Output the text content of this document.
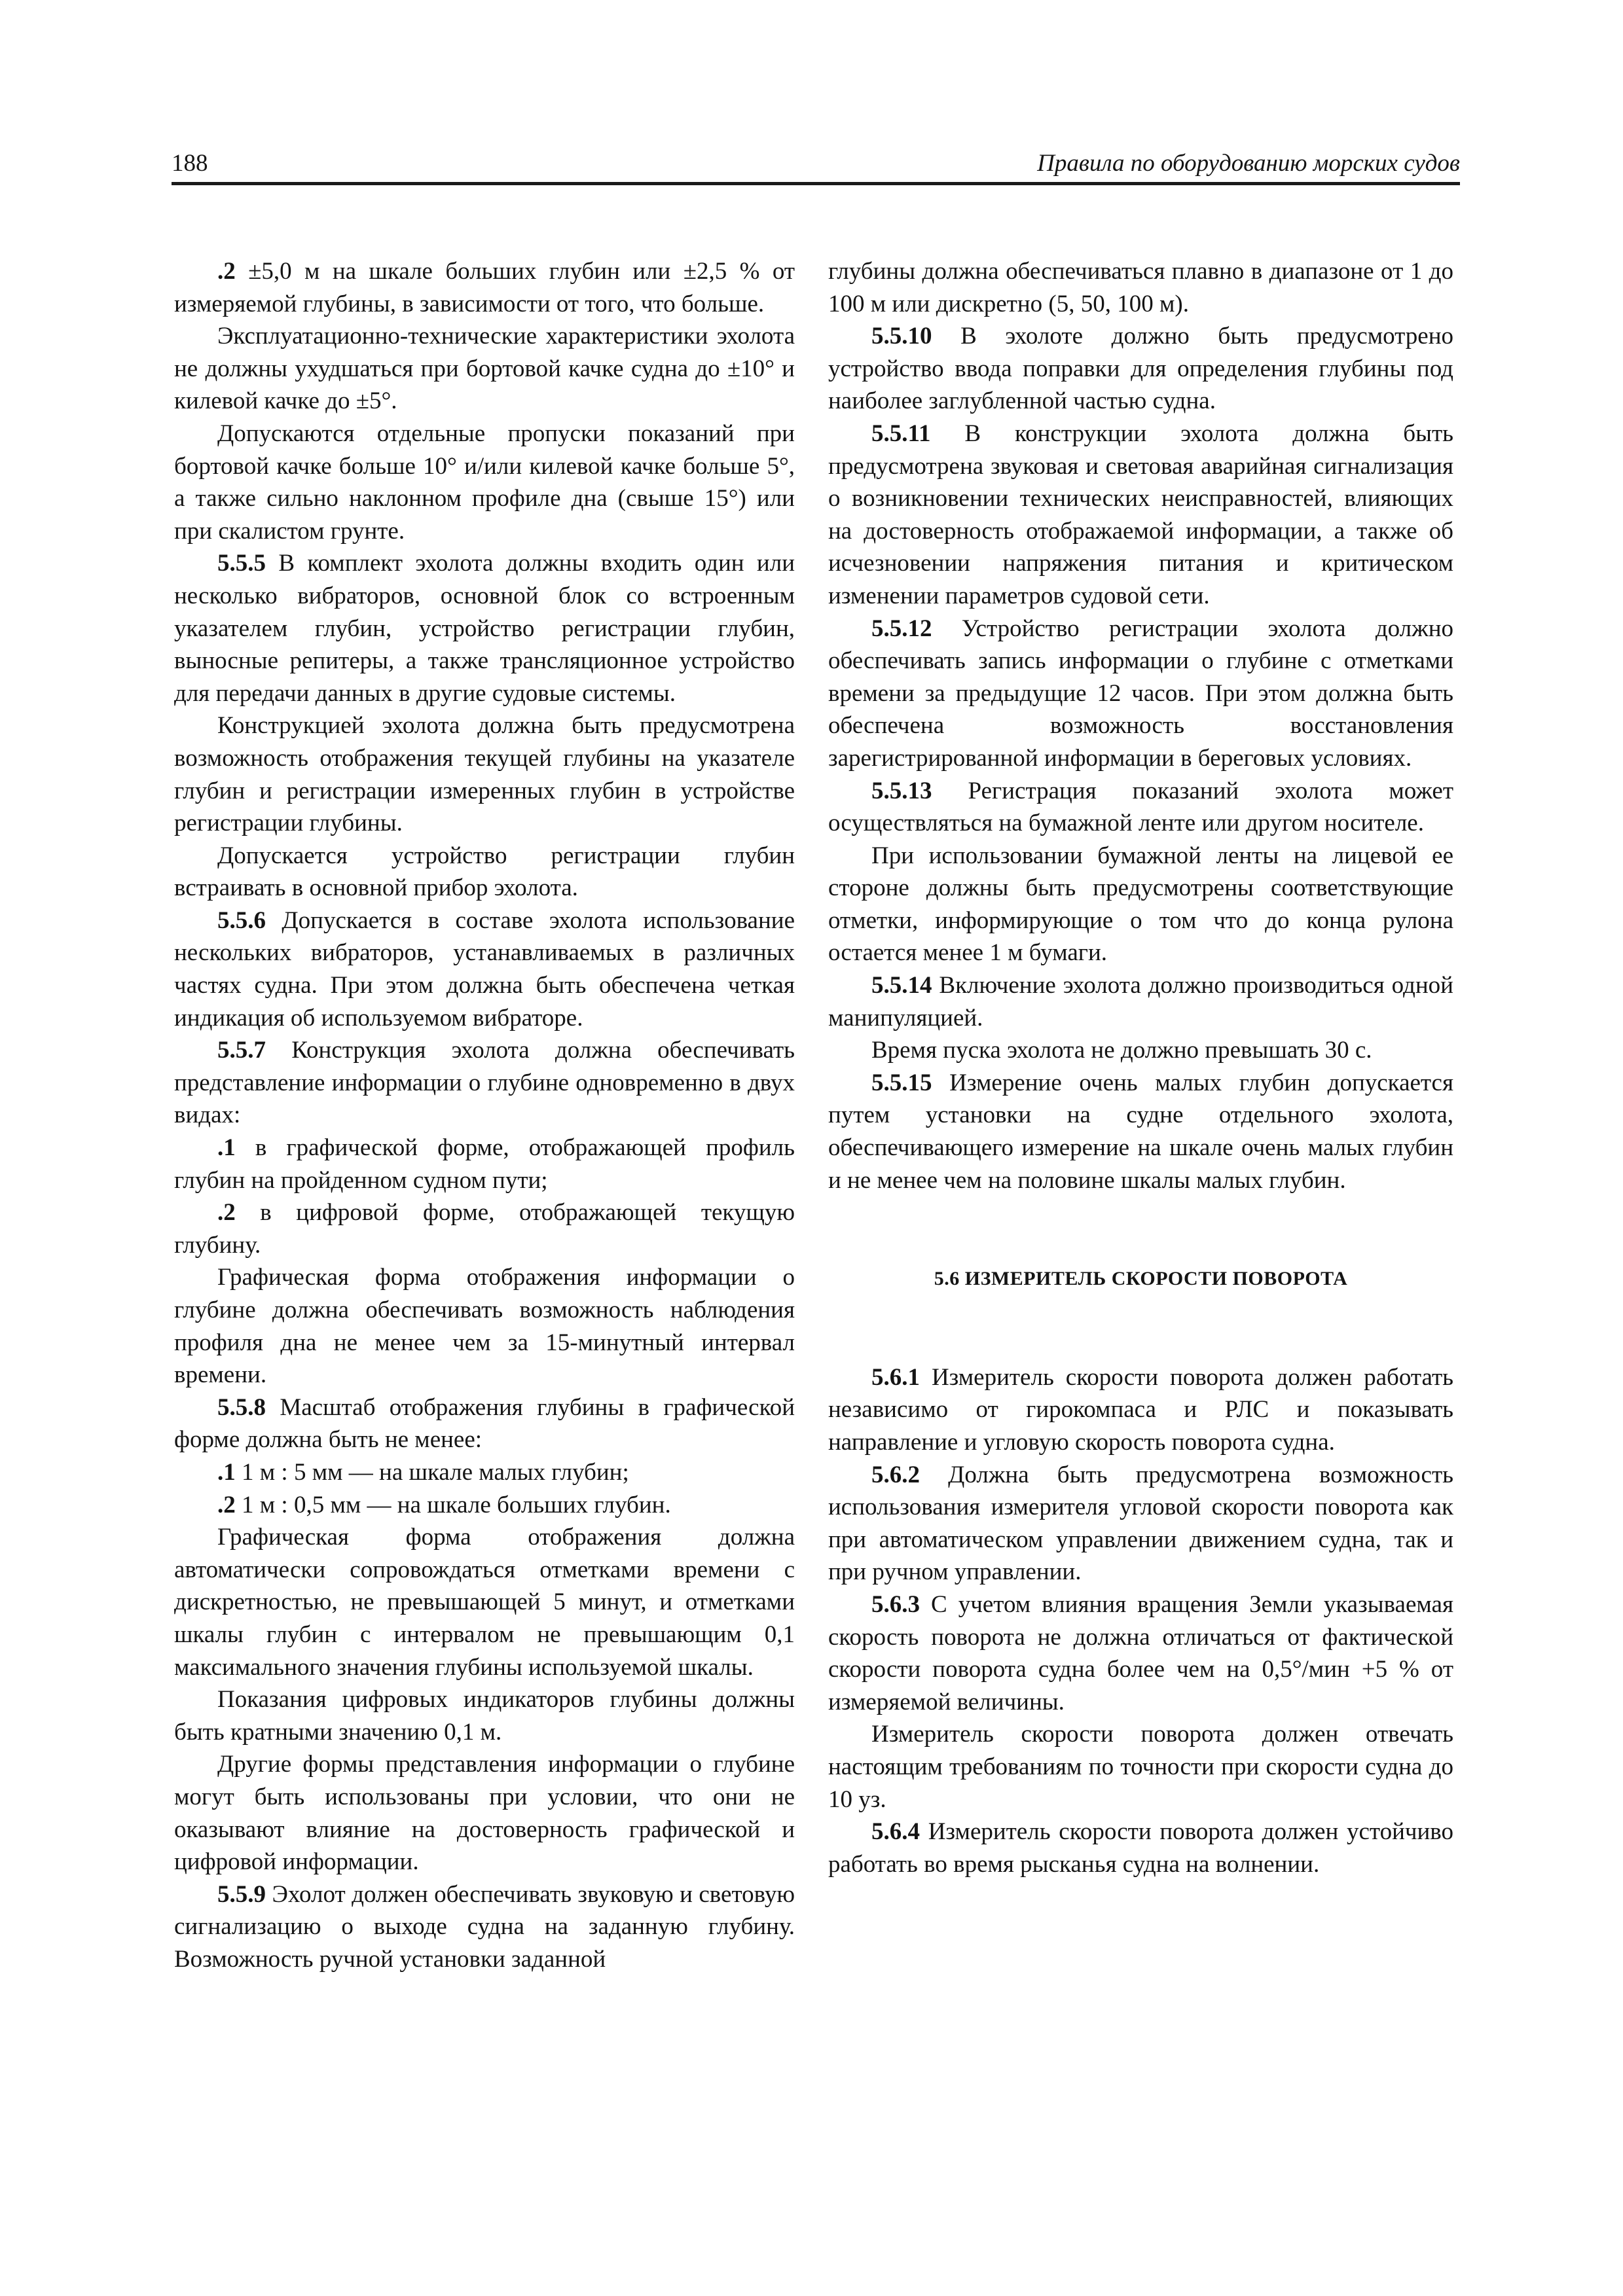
188	Правила по оборудованию морских судов

.2 ±5,0 м на шкале больших глубин или ±2,5 % от измеряемой глубины, в зависимости от того, что больше.

Эксплуатационно-технические характеристики эхолота не должны ухудшаться при бортовой качке судна до ±10° и килевой качке до ±5°.

Допускаются отдельные пропуски показаний при бортовой качке больше 10° и/или килевой качке больше 5°, а также сильно наклонном профиле дна (свыше 15°) или при скалистом грунте.

5.5.5 В комплект эхолота должны входить один или несколько вибраторов, основной блок со встроенным указателем глубин, устройство регистрации глубин, выносные репитеры, а также трансляционное устройство для передачи данных в другие судовые системы.

Конструкцией эхолота должна быть предусмотрена возможность отображения текущей глубины на указателе глубин и регистрации измеренных глубин в устройстве регистрации глубины.

Допускается устройство регистрации глубин встраивать в основной прибор эхолота.

5.5.6 Допускается в составе эхолота использование нескольких вибраторов, устанавливаемых в различных частях судна. При этом должна быть обеспечена четкая индикация об используемом вибраторе.

5.5.7 Конструкция эхолота должна обеспечивать представление информации о глубине одновременно в двух видах:

.1 в графической форме, отображающей профиль глубин на пройденном судном пути;

.2 в цифровой форме, отображающей текущую глубину.

Графическая форма отображения информации о глубине должна обеспечивать возможность наблюдения профиля дна не менее чем за 15-минутный интервал времени.

5.5.8 Масштаб отображения глубины в графической форме должна быть не менее:

.1 1 м : 5 мм — на шкале малых глубин;

.2 1 м : 0,5 мм — на шкале больших глубин.

Графическая форма отображения должна автоматически сопровождаться отметками времени с дискретностью, не превышающей 5 минут, и отметками шкалы глубин с интервалом не превышающим 0,1 максимального значения глубины используемой шкалы.

Показания цифровых индикаторов глубины должны быть кратными значению 0,1 м.

Другие формы представления информации о глубине могут быть использованы при условии, что они не оказывают влияние на достоверность графической и цифровой информации.

5.5.9 Эхолот должен обеспечивать звуковую и световую сигнализацию о выходе судна на заданную глубину. Возможность ручной установки заданной

глубины должна обеспечиваться плавно в диапазоне от 1 до 100 м или дискретно (5, 50, 100 м).

5.5.10 В эхолоте должно быть предусмотрено устройство ввода поправки для определения глубины под наиболее заглубленной частью судна.

5.5.11 В конструкции эхолота должна быть предусмотрена звуковая и световая аварийная сигнализация о возникновении технических неисправностей, влияющих на достоверность отображаемой информации, а также об исчезновении напряжения питания и критическом изменении параметров судовой сети.

5.5.12 Устройство регистрации эхолота должно обеспечивать запись информации о глубине с отметками времени за предыдущие 12 часов. При этом должна быть обеспечена возможность восстановления зарегистрированной информации в береговых условиях.

5.5.13 Регистрация показаний эхолота может осуществляться на бумажной ленте или другом носителе.

При использовании бумажной ленты на лицевой ее стороне должны быть предусмотрены соответствующие отметки, информирующие о том что до конца рулона остается менее 1 м бумаги.

5.5.14 Включение эхолота должно производиться одной манипуляцией.

Время пуска эхолота не должно превышать 30 с.

5.5.15 Измерение очень малых глубин допускается путем установки на судне отдельного эхолота, обеспечивающего измерение на шкале очень малых глубин и не менее чем на половине шкалы малых глубин.

5.6 ИЗМЕРИТЕЛЬ СКОРОСТИ ПОВОРОТА

5.6.1 Измеритель скорости поворота должен работать независимо от гирокомпаса и РЛС и показывать направление и угловую скорость поворота судна.

5.6.2 Должна быть предусмотрена возможность использования измерителя угловой скорости поворота как при автоматическом управлении движением судна, так и при ручном управлении.

5.6.3 С учетом влияния вращения Земли указываемая скорость поворота не должна отличаться от фактической скорости поворота судна более чем на 0,5°/мин +5 % от измеряемой величины.

Измеритель скорости поворота должен отвечать настоящим требованиям по точности при скорости судна до 10 уз.

5.6.4 Измеритель скорости поворота должен устойчиво работать во время рысканья судна на волнении.
